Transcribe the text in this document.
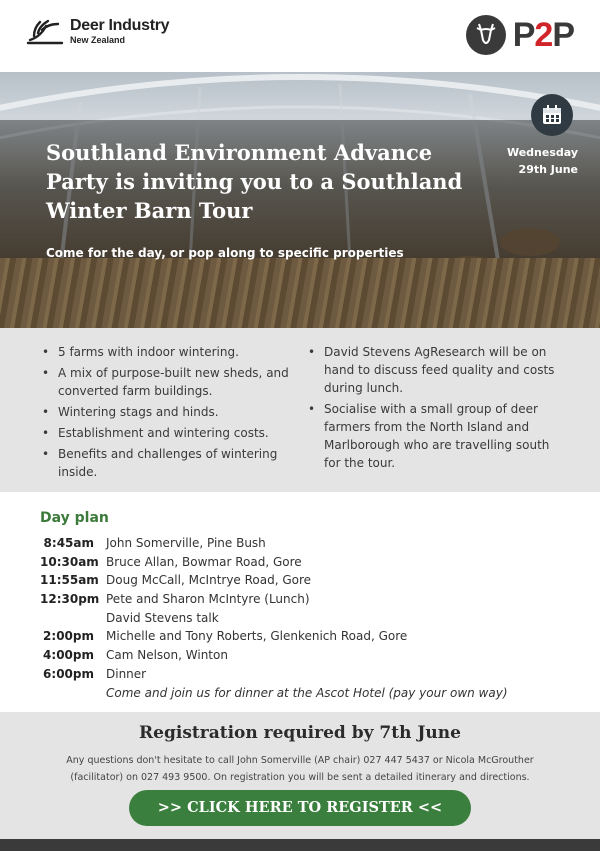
Deer Industry
New Zealand	P2P
Southland Environment Advance Party is inviting you to a Southland Winter Barn Tour
Come for the day, or pop along to specific properties
Wednesday
29th June
• 5 farms with indoor wintering.
• A mix of purpose-built new sheds, and converted farm buildings.
• Wintering stags and hinds.
• Establishment and wintering costs.
• Benefits and challenges of wintering inside.
• David Stevens AgResearch will be on hand to discuss feed quality and costs during lunch.
• Socialise with a small group of deer farmers from the North Island and Marlborough who are travelling south for the tour.
Day plan
8:45am John Somerville, Pine Bush
10:30am Bruce Allan, Bowmar Road, Gore
11:55am Doug McCall, McIntrye Road, Gore
12:30pm Pete and Sharon McIntyre (Lunch)
David Stevens talk
2:00pm Michelle and Tony Roberts, Glenkenich Road, Gore
4:00pm Cam Nelson, Winton
6:00pm Dinner
Come and join us for dinner at the Ascot Hotel (pay your own way)
Registration required by 7th June

Any questions don't hesitate to call John Somerville (AP chair) 027 447 5437 or Nicola McGrouther (facilitator) on 027 493 9500. On registration you will be sent a detailed itinerary and directions.

>> CLICK HERE TO REGISTER <<
